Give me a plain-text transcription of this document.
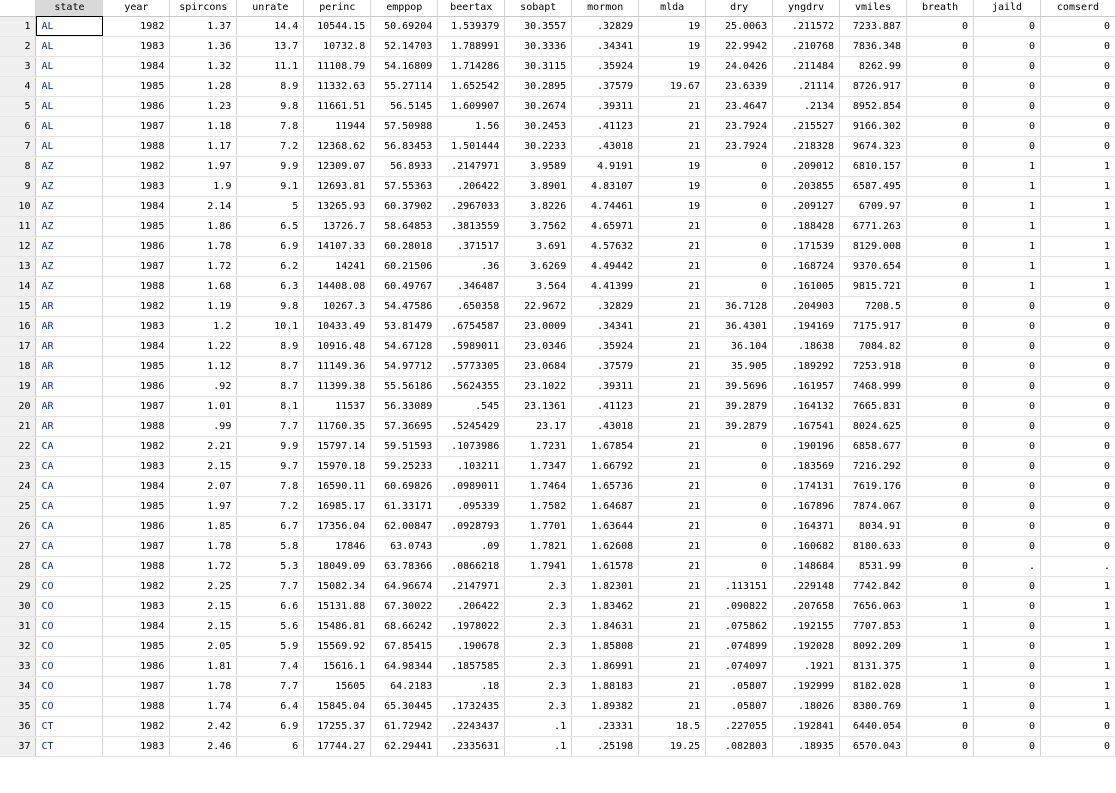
	state	year	spircons	unrate	perinc	emppop	beertax	sobapt	mormon	mlda	dry	yngdrv	vmiles	breath	jaild	comserd
1	AL	1982	1.37	14.4	10544.15	50.69204	1.539379	30.3557	.32829	19	25.0063	.211572	7233.887	0	0	0
2	AL	1983	1.36	13.7	10732.8	52.14703	1.788991	30.3336	.34341	19	22.9942	.210768	7836.348	0	0	0
3	AL	1984	1.32	11.1	11108.79	54.16809	1.714286	30.3115	.35924	19	24.0426	.211484	8262.99	0	0	0
4	AL	1985	1.28	8.9	11332.63	55.27114	1.652542	30.2895	.37579	19.67	23.6339	.21114	8726.917	0	0	0
5	AL	1986	1.23	9.8	11661.51	56.5145	1.609907	30.2674	.39311	21	23.4647	.2134	8952.854	0	0	0
6	AL	1987	1.18	7.8	11944	57.50988	1.56	30.2453	.41123	21	23.7924	.215527	9166.302	0	0	0
7	AL	1988	1.17	7.2	12368.62	56.83453	1.501444	30.2233	.43018	21	23.7924	.218328	9674.323	0	0	0
8	AZ	1982	1.97	9.9	12309.07	56.8933	.2147971	3.9589	4.9191	19	0	.209012	6810.157	0	1	1
9	AZ	1983	1.9	9.1	12693.81	57.55363	.206422	3.8901	4.83107	19	0	.203855	6587.495	0	1	1
10	AZ	1984	2.14	5	13265.93	60.37902	.2967033	3.8226	4.74461	19	0	.209127	6709.97	0	1	1
11	AZ	1985	1.86	6.5	13726.7	58.64853	.3813559	3.7562	4.65971	21	0	.188428	6771.263	0	1	1
12	AZ	1986	1.78	6.9	14107.33	60.28018	.371517	3.691	4.57632	21	0	.171539	8129.008	0	1	1
13	AZ	1987	1.72	6.2	14241	60.21506	.36	3.6269	4.49442	21	0	.168724	9370.654	0	1	1
14	AZ	1988	1.68	6.3	14408.08	60.49767	.346487	3.564	4.41399	21	0	.161005	9815.721	0	1	1
15	AR	1982	1.19	9.8	10267.3	54.47586	.650358	22.9672	.32829	21	36.7128	.204903	7208.5	0	0	0
16	AR	1983	1.2	10.1	10433.49	53.81479	.6754587	23.0009	.34341	21	36.4301	.194169	7175.917	0	0	0
17	AR	1984	1.22	8.9	10916.48	54.67128	.5989011	23.0346	.35924	21	36.104	.18638	7084.82	0	0	0
18	AR	1985	1.12	8.7	11149.36	54.97712	.5773305	23.0684	.37579	21	35.905	.189292	7253.918	0	0	0
19	AR	1986	.92	8.7	11399.38	55.56186	.5624355	23.1022	.39311	21	39.5696	.161957	7468.999	0	0	0
20	AR	1987	1.01	8.1	11537	56.33089	.545	23.1361	.41123	21	39.2879	.164132	7665.831	0	0	0
21	AR	1988	.99	7.7	11760.35	57.36695	.5245429	23.17	.43018	21	39.2879	.167541	8024.625	0	0	0
22	CA	1982	2.21	9.9	15797.14	59.51593	.1073986	1.7231	1.67854	21	0	.190196	6858.677	0	0	0
23	CA	1983	2.15	9.7	15970.18	59.25233	.103211	1.7347	1.66792	21	0	.183569	7216.292	0	0	0
24	CA	1984	2.07	7.8	16590.11	60.69826	.0989011	1.7464	1.65736	21	0	.174131	7619.176	0	0	0
25	CA	1985	1.97	7.2	16985.17	61.33171	.095339	1.7582	1.64687	21	0	.167896	7874.067	0	0	0
26	CA	1986	1.85	6.7	17356.04	62.00847	.0928793	1.7701	1.63644	21	0	.164371	8034.91	0	0	0
27	CA	1987	1.78	5.8	17846	63.0743	.09	1.7821	1.62608	21	0	.160682	8180.633	0	0	0
28	CA	1988	1.72	5.3	18049.09	63.78366	.0866218	1.7941	1.61578	21	0	.148684	8531.99	0	.	.
29	CO	1982	2.25	7.7	15082.34	64.96674	.2147971	2.3	1.82301	21	.113151	.229148	7742.842	0	0	1
30	CO	1983	2.15	6.6	15131.88	67.30022	.206422	2.3	1.83462	21	.090822	.207658	7656.063	1	0	1
31	CO	1984	2.15	5.6	15486.81	68.66242	.1978022	2.3	1.84631	21	.075862	.192155	7707.853	1	0	1
32	CO	1985	2.05	5.9	15569.92	67.85415	.190678	2.3	1.85808	21	.074899	.192028	8092.209	1	0	1
33	CO	1986	1.81	7.4	15616.1	64.98344	.1857585	2.3	1.86991	21	.074097	.1921	8131.375	1	0	1
34	CO	1987	1.78	7.7	15605	64.2183	.18	2.3	1.88183	21	.05807	.192999	8182.028	1	0	1
35	CO	1988	1.74	6.4	15845.04	65.30445	.1732435	2.3	1.89382	21	.05807	.18026	8380.769	1	0	1
36	CT	1982	2.42	6.9	17255.37	61.72942	.2243437	.1	.23331	18.5	.227055	.192841	6440.054	0	0	0
37	CT	1983	2.46	6	17744.27	62.29441	.2335631	.1	.25198	19.25	.082803	.18935	6570.043	0	0	0
